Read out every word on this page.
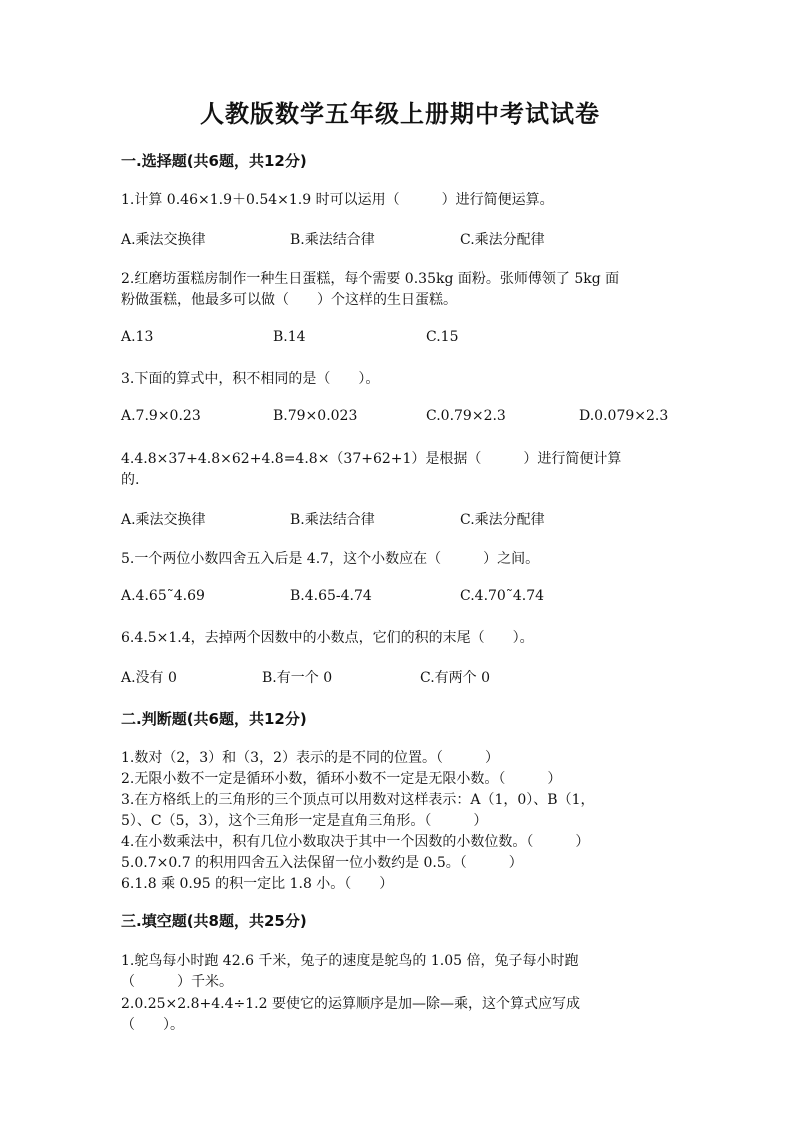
人教版数学五年级上册期中考试试卷
一.选择题(共6题，共12分)
1.计算 0.46×1.9＋0.54×1.9 时可以运用（　　　）进行简便运算。
A.乘法交换律	B.乘法结合律	C.乘法分配律
2.红磨坊蛋糕房制作一种生日蛋糕，每个需要 0.35kg 面粉。张师傅领了 5kg 面
粉做蛋糕，他最多可以做（　　）个这样的生日蛋糕。
A.13	B.14	C.15
3.下面的算式中，积不相同的是（　　）。
A.7.9×0.23	B.79×0.023	C.0.79×2.3	D.0.079×2.3
4.4.8×37+4.8×62+4.8=4.8×（37+62+1）是根据（　　　）进行简便计算
的.
A.乘法交换律	B.乘法结合律	C.乘法分配律
5.一个两位小数四舍五入后是 4.7，这个小数应在（　　　）之间。
A.4.65˜4.69	B.4.65-4.74	C.4.70˜4.74
6.4.5×1.4，去掉两个因数中的小数点，它们的积的末尾（　　）。
A.没有 0	B.有一个 0	C.有两个 0
二.判断题(共6题，共12分)
1.数对（2，3）和（3，2）表示的是不同的位置。（　　　）
2.无限小数不一定是循环小数，循环小数不一定是无限小数。（　　　）
3.在方格纸上的三角形的三个顶点可以用数对这样表示：A（1，0）、B（1，
5）、C（5，3），这个三角形一定是直角三角形。（　　　）
4.在小数乘法中，积有几位小数取决于其中一个因数的小数位数。（　　　）
5.0.7×0.7 的积用四舍五入法保留一位小数约是 0.5。（　　　）
6.1.8 乘 0.95 的积一定比 1.8 小。（　　）
三.填空题(共8题，共25分)
1.鸵鸟每小时跑 42.6 千米，兔子的速度是鸵鸟的 1.05 倍，兔子每小时跑
（　　　）千米。
2.0.25×2.8+4.4÷1.2 要使它的运算顺序是加—除—乘，这个算式应写成
（　　）。
